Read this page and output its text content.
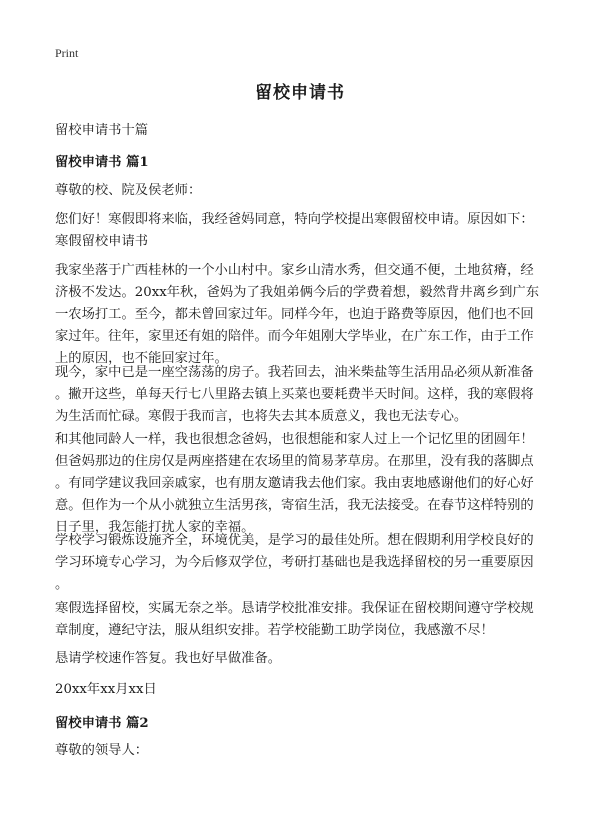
Print
留校申请书
留校申请书十篇
留校申请书 篇1
尊敬的校、院及侯老师：
您们好！寒假即将来临，我经爸妈同意，特向学校提出寒假留校申请。原因如下：
寒假留校申请书
我家坐落于广西桂林的一个小山村中。家乡山清水秀，但交通不便，土地贫瘠，经
济极不发达。20xx年秋，爸妈为了我姐弟俩今后的学费着想，毅然背井离乡到广东
一农场打工。至今，都未曾回家过年。同样今年，也迫于路费等原因，他们也不回
家过年。往年，家里还有姐的陪伴。而今年姐刚大学毕业，在广东工作，由于工作
上的原因，也不能回家过年。
现今，家中已是一座空荡荡的房子。我若回去，油米柴盐等生活用品必须从新准备
。撇开这些，单每天行七八里路去镇上买菜也要耗费半天时间。这样，我的寒假将
为生活而忙碌。寒假于我而言，也将失去其本质意义，我也无法专心。
和其他同龄人一样，我也很想念爸妈，也很想能和家人过上一个记忆里的团圆年！
但爸妈那边的住房仅是两座搭建在农场里的简易茅草房。在那里，没有我的落脚点
。有同学建议我回亲戚家，也有朋友邀请我去他们家。我由衷地感谢他们的好心好
意。但作为一个从小就独立生活男孩，寄宿生活，我无法接受。在春节这样特别的
日子里，我怎能打扰人家的幸福。
学校学习锻炼设施齐全，环境优美，是学习的最佳处所。想在假期利用学校良好的
学习环境专心学习，为今后修双学位，考研打基础也是我选择留校的另一重要原因
。
寒假选择留校，实属无奈之举。恳请学校批准安排。我保证在留校期间遵守学校规
章制度，遵纪守法，服从组织安排。若学校能勤工助学岗位，我感激不尽！
恳请学校速作答复。我也好早做准备。
20xx年xx月xx日
留校申请书 篇2
尊敬的领导人：
